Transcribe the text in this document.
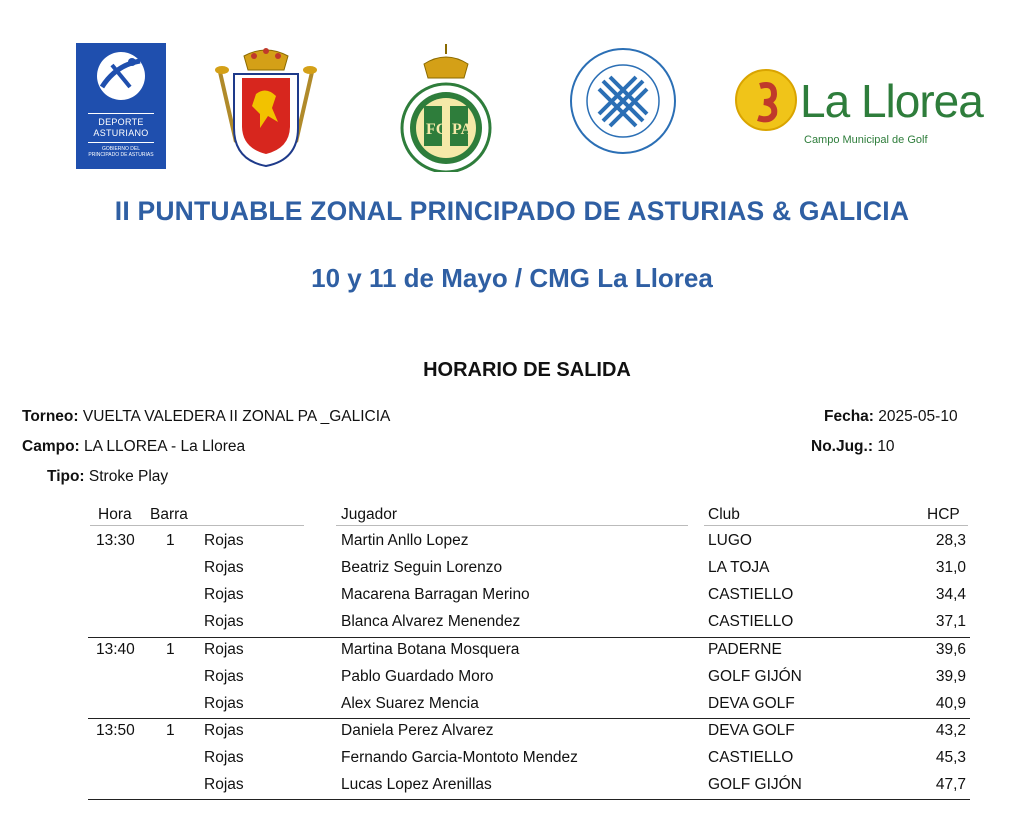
DEPORTE
ASTURIANO
GOBIERNO DEL
PRINCIPADO DE ASTURIAS
FG PA
La Llorea
Campo Municipal de Golf
II PUNTUABLE ZONAL PRINCIPADO DE ASTURIAS & GALICIA
10 y 11 de Mayo / CMG La Llorea
HORARIO DE SALIDA
Torneo: VUELTA VALEDERA II ZONAL PA _GALICIA
Campo: LA LLOREA - La Llorea
Tipo: Stroke Play
Fecha: 2025-05-10
No.Jug.: 10
Hora Barra	Jugador	Club	HCP
13:30 1 Rojas	Martin Anllo Lopez	LUGO	28,3
Rojas	Beatriz Seguin Lorenzo	LA TOJA	31,0
Rojas	Macarena Barragan Merino	CASTIELLO	34,4
Rojas	Blanca Alvarez Menendez	CASTIELLO	37,1
13:40 1 Rojas	Martina Botana Mosquera	PADERNE	39,6
Rojas	Pablo Guardado Moro	GOLF GIJÓN	39,9
Rojas	Alex Suarez Mencia	DEVA GOLF	40,9
13:50 1 Rojas	Daniela Perez Alvarez	DEVA GOLF	43,2
Rojas	Fernando Garcia-Montoto Mendez	CASTIELLO	45,3
Rojas	Lucas Lopez Arenillas	GOLF GIJÓN	47,7
